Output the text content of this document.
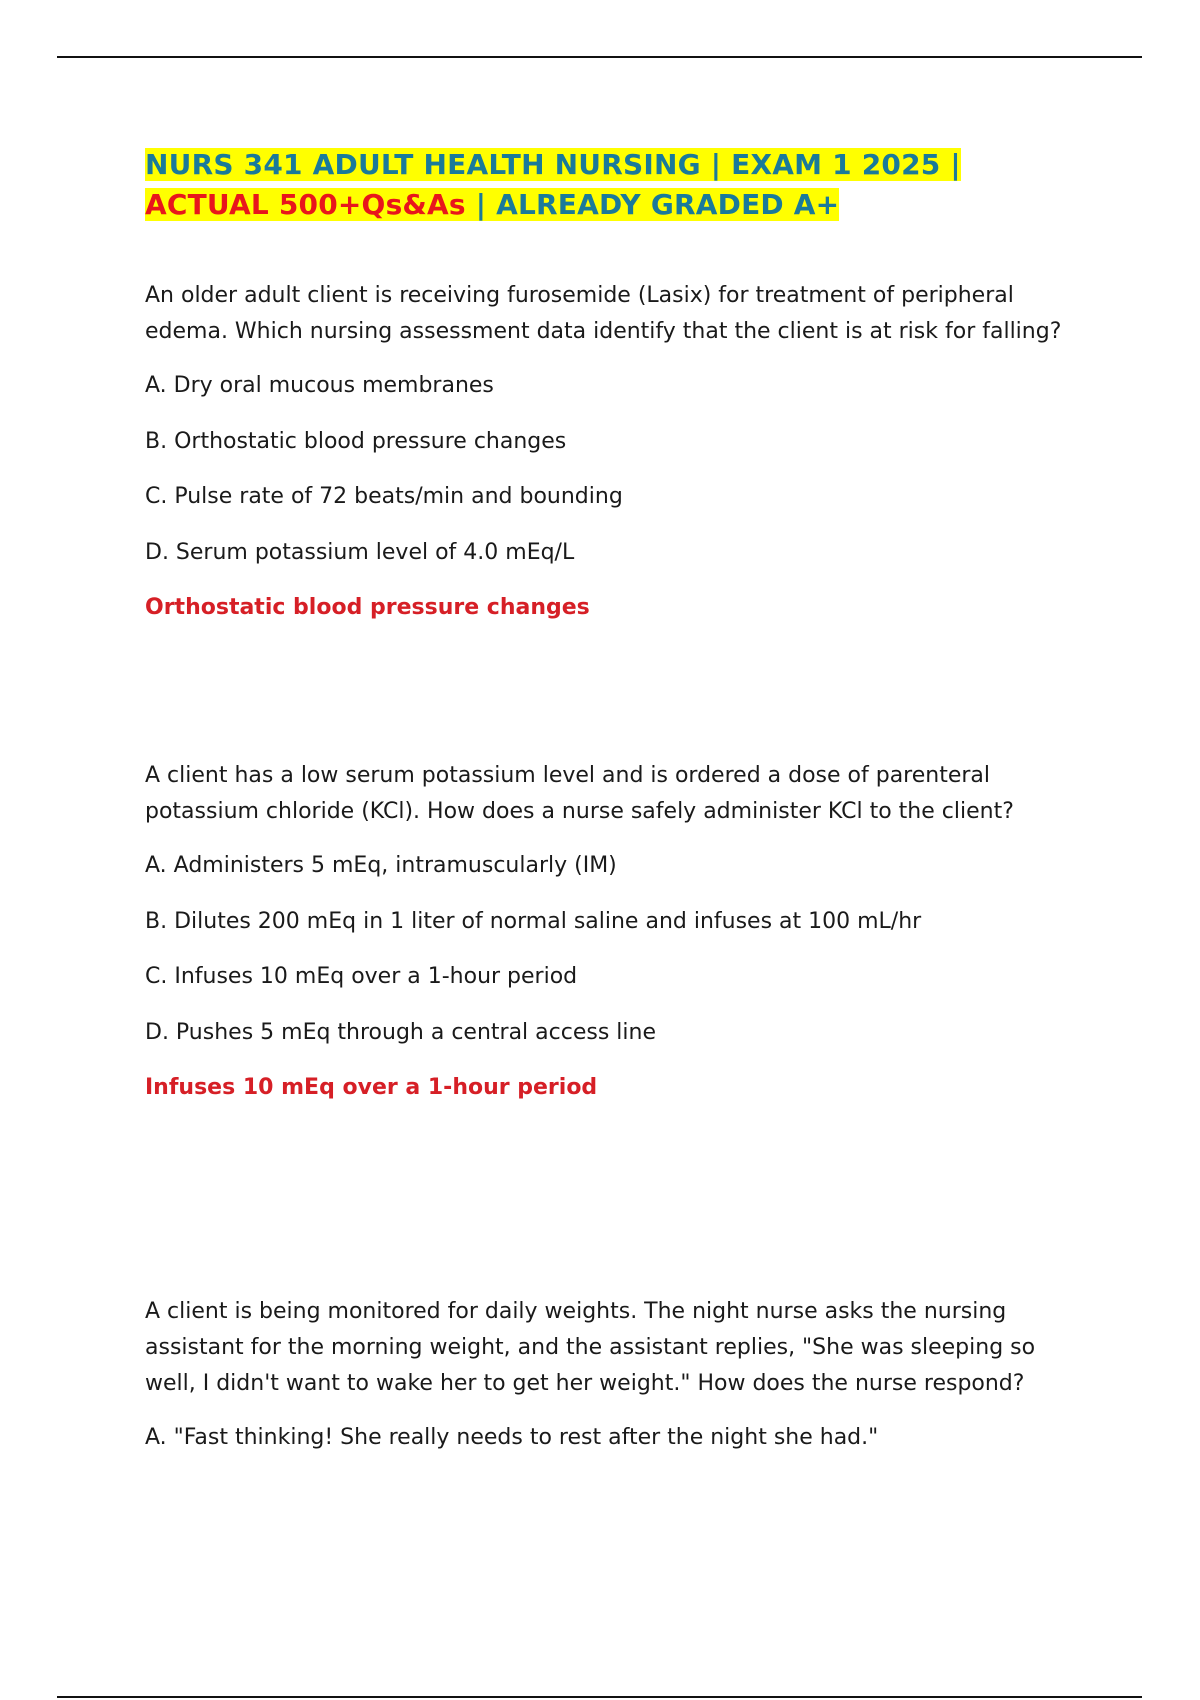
NURS 341 ADULT HEALTH NURSING | EXAM 1 2025 | ACTUAL 500+Qs&As | ALREADY GRADED A+

An older adult client is receiving furosemide (Lasix) for treatment of peripheral edema. Which nursing assessment data identify that the client is at risk for falling?

A. Dry oral mucous membranes
B. Orthostatic blood pressure changes
C. Pulse rate of 72 beats/min and bounding
D. Serum potassium level of 4.0 mEq/L

Orthostatic blood pressure changes

A client has a low serum potassium level and is ordered a dose of parenteral potassium chloride (KCl). How does a nurse safely administer KCl to the client?

A. Administers 5 mEq, intramuscularly (IM)
B. Dilutes 200 mEq in 1 liter of normal saline and infuses at 100 mL/hr
C. Infuses 10 mEq over a 1-hour period
D. Pushes 5 mEq through a central access line

Infuses 10 mEq over a 1-hour period

A client is being monitored for daily weights. The night nurse asks the nursing assistant for the morning weight, and the assistant replies, "She was sleeping so well, I didn't want to wake her to get her weight." How does the nurse respond?

A. "Fast thinking! She really needs to rest after the night she had."
